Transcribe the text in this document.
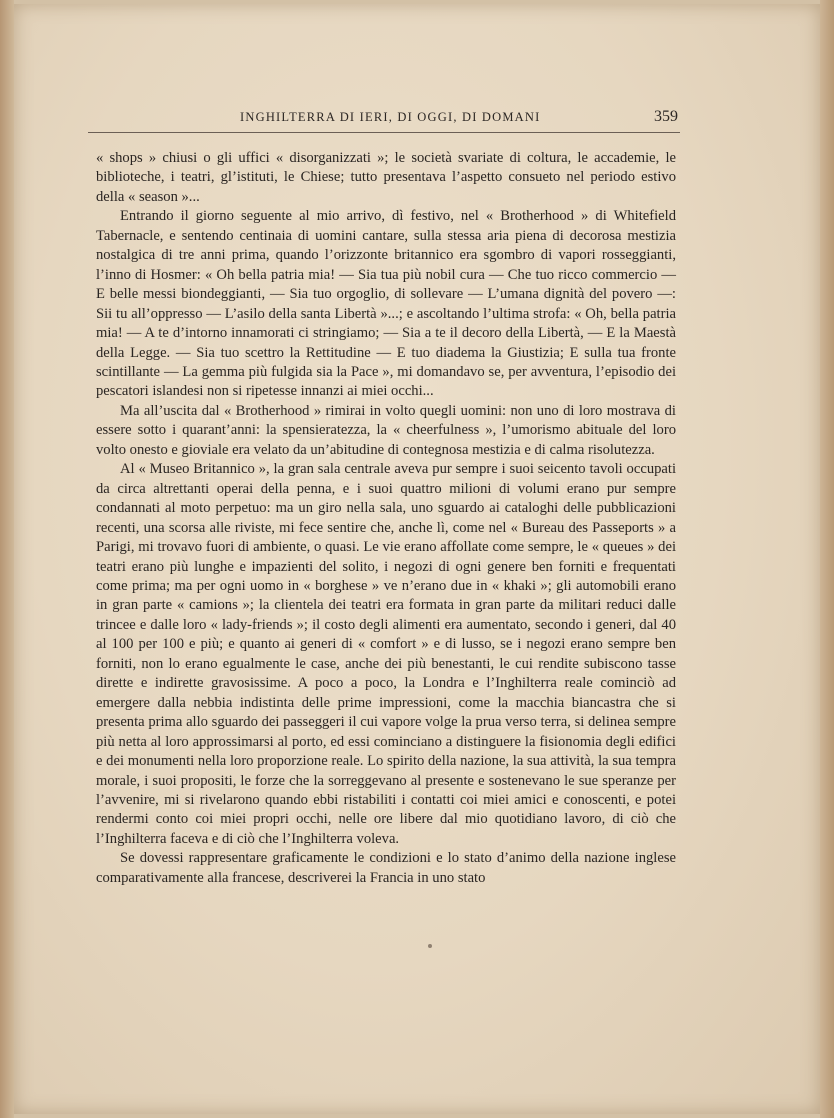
INGHILTERRA DI IERI, DI OGGI, DI DOMANI	359

« shops » chiusi o gli uffici « disorganizzati »; le società svariate di coltura, le accademie, le biblioteche, i teatri, gl’istituti, le Chiese; tutto presentava l’aspetto consueto nel periodo estivo della « season »...

Entrando il giorno seguente al mio arrivo, dì festivo, nel « Brotherhood » di Whitefield Tabernacle, e sentendo centinaia di uomini cantare, sulla stessa aria piena di decorosa mestizia nostalgica di tre anni prima, quando l’orizzonte britannico era sgombro di vapori rosseggianti, l’inno di Hosmer: « Oh bella patria mia! — Sia tua più nobil cura — Che tuo ricco commercio — E belle messi biondeggianti, — Sia tuo orgoglio, di sollevare — L’umana dignità del povero —: Sii tu all’oppresso — L’asilo della santa Libertà »...; e ascoltando l’ultima strofa: « Oh, bella patria mia! — A te d’intorno innamorati ci stringiamo; — Sia a te il decoro della Libertà, — E la Maestà della Legge. — Sia tuo scettro la Rettitudine — E tuo diadema la Giustizia; E sulla tua fronte scintillante — La gemma più fulgida sia la Pace », mi domandavo se, per avventura, l’episodio dei pescatori islandesi non si ripetesse innanzi ai miei occhi...

Ma all’uscita dal « Brotherhood » rimirai in volto quegli uomini: non uno di loro mostrava di essere sotto i quarant’anni: la spensieratezza, la « cheerfulness », l’umorismo abituale del loro volto onesto e gioviale era velato da un’abitudine di contegnosa mestizia e di calma risolutezza.

Al « Museo Britannico », la gran sala centrale aveva pur sempre i suoi seicento tavoli occupati da circa altrettanti operai della penna, e i suoi quattro milioni di volumi erano pur sempre condannati al moto perpetuo: ma un giro nella sala, uno sguardo ai cataloghi delle pubblicazioni recenti, una scorsa alle riviste, mi fece sentire che, anche lì, come nel « Bureau des Passeports » a Parigi, mi trovavo fuori di ambiente, o quasi. Le vie erano affollate come sempre, le « queues » dei teatri erano più lunghe e impazienti del solito, i negozi di ogni genere ben forniti e frequentati come prima; ma per ogni uomo in « borghese » ve n’erano due in « khaki »; gli automobili erano in gran parte « camions »; la clientela dei teatri era formata in gran parte da militari reduci dalle trincee e dalle loro « lady-friends »; il costo degli alimenti era aumentato, secondo i generi, dal 40 al 100 per 100 e più; e quanto ai generi di « comfort » e di lusso, se i negozi erano sempre ben forniti, non lo erano egualmente le case, anche dei più benestanti, le cui rendite subiscono tasse dirette e indirette gravosissime. A poco a poco, la Londra e l’Inghilterra reale cominciò ad emergere dalla nebbia indistinta delle prime impressioni, come la macchia biancastra che si presenta prima allo sguardo dei passeggeri il cui vapore volge la prua verso terra, si delinea sempre più netta al loro approssimarsi al porto, ed essi cominciano a distinguere la fisionomia degli edifici e dei monumenti nella loro proporzione reale. Lo spirito della nazione, la sua attività, la sua tempra morale, i suoi propositi, le forze che la sorreggevano al presente e sostenevano le sue speranze per l’avvenire, mi si rivelarono quando ebbi ristabiliti i contatti coi miei amici e conoscenti, e potei rendermi conto coi miei propri occhi, nelle ore libere dal mio quotidiano lavoro, di ciò che l’Inghilterra faceva e di ciò che l’Inghilterra voleva.

Se dovessi rappresentare graficamente le condizioni e lo stato d’animo della nazione inglese comparativamente alla francese, descriverei la Francia in uno stato
